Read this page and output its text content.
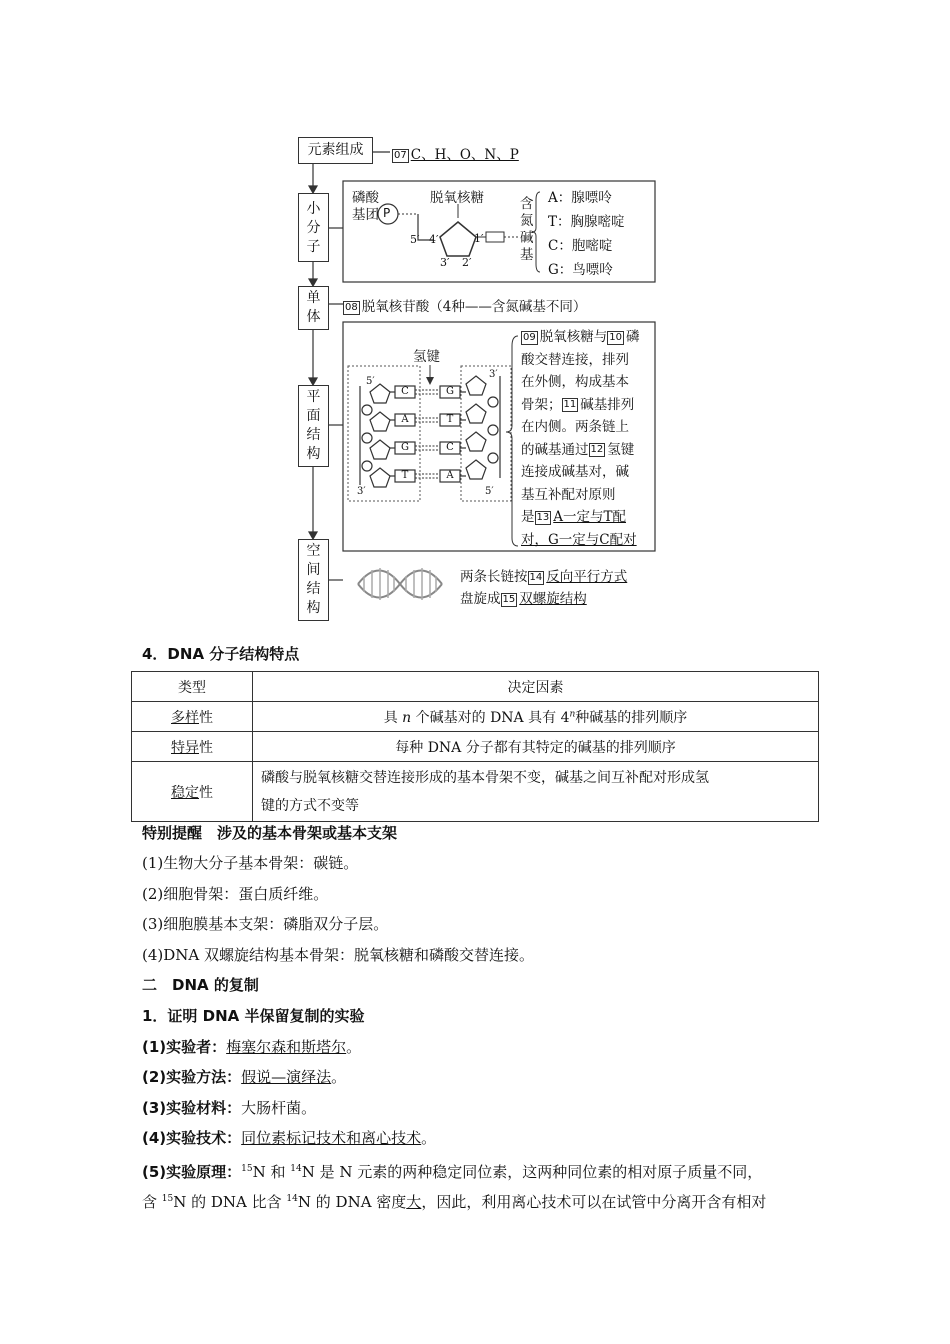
元素组成	07 C、H、O、N、P
小
分
子
磷酸
基团 P
脱氧核糖
5′ 4′
3′ 2′
1′
含
氮
碱
基
A：腺嘌呤
T：胸腺嘧啶
C：胞嘧啶
G：鸟嘌呤
单
体
08 脱氧核苷酸（4种——含氮碱基不同）
平
面
结
构
氢键
5′
3′
3′
5′
C
A
G
T
G
T
C
A
09 脱氧核糖与 10 磷
酸交替连接，排列
在外侧，构成基本
骨架； 11 碱基排列
在内侧。两条链上
的碱基通过 12 氢键
连接成碱基对，碱
基互补配对原则
是 13 A一定与T配
对，G一定与C配对
空
间
结
构
两条长链按 14 反向平行方式
盘旋成 15 双螺旋结构
4．DNA 分子结构特点
类型	决定因素
多样性	具 n 个碱基对的 DNA 具有 4$^n$种碱基的排列顺序
特异性	每种 DNA 分子都有其特定的碱基的排列顺序
稳定性	磷酸与脱氧核糖交替连接形成的基本骨架不变，碱基之间互补配对形成氢
键的方式不变等
特别提醒　涉及的基本骨架或基本支架
(1)生物大分子基本骨架：碳链。
(2)细胞骨架：蛋白质纤维。
(3)细胞膜基本支架：磷脂双分子层。
(4)DNA 双螺旋结构基本骨架：脱氧核糖和磷酸交替连接。
二　DNA 的复制
1．证明 DNA 半保留复制的实验
(1)实验者：梅塞尔森和斯塔尔。
(2)实验方法：假说—演绎法。
(3)实验材料：大肠杆菌。
(4)实验技术：同位素标记技术和离心技术。
(5)实验原理：$^{15}$N 和 $^{14}$N 是 N 元素的两种稳定同位素，这两种同位素的相对原子质量不同，
含 $^{15}$N 的 DNA 比含 $^{14}$N 的 DNA 密度大，因此，利用离心技术可以在试管中分离开含有相对
